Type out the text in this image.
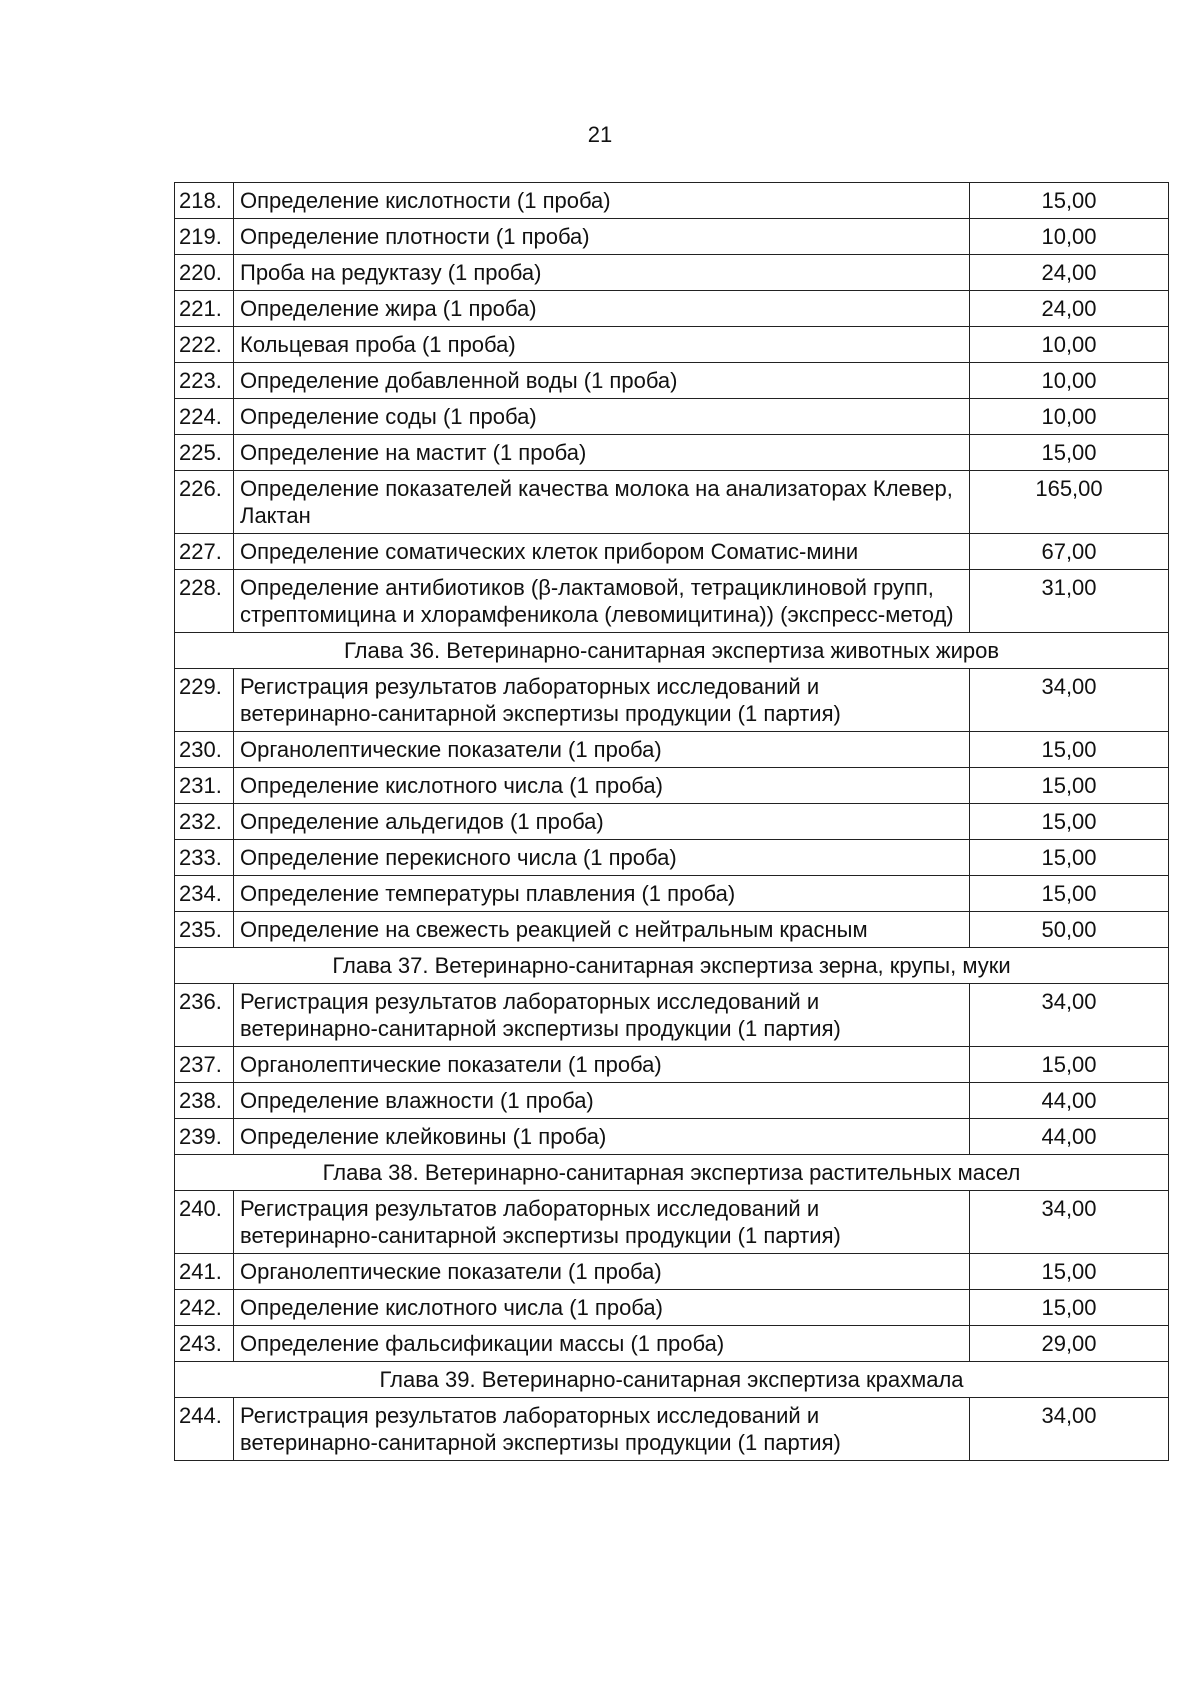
21
218.	Определение кислотности (1 проба)	15,00
219.	Определение плотности (1 проба)	10,00
220.	Проба на редуктазу (1 проба)	24,00
221.	Определение жира (1 проба)	24,00
222.	Кольцевая проба (1 проба)	10,00
223.	Определение добавленной воды (1 проба)	10,00
224.	Определение соды (1 проба)	10,00
225.	Определение на мастит (1 проба)	15,00
226.	Определение показателей качества молока на анализаторах Клевер, Лактан	165,00
227.	Определение соматических клеток прибором Соматис-мини	67,00
228.	Определение антибиотиков (β-лактамовой, тетрациклиновой групп, стрептомицина и хлорамфеникола (левомицитина)) (экспресс-метод)	31,00
Глава 36. Ветеринарно-санитарная экспертиза животных жиров		
229.	Регистрация результатов лабораторных исследований и ветеринарно-санитарной экспертизы продукции (1 партия)	34,00
230.	Органолептические показатели (1 проба)	15,00
231.	Определение кислотного числа (1 проба)	15,00
232.	Определение альдегидов (1 проба)	15,00
233.	Определение перекисного числа (1 проба)	15,00
234.	Определение температуры плавления (1 проба)	15,00
235.	Определение на свежесть реакцией с нейтральным красным	50,00
Глава 37. Ветеринарно-санитарная экспертиза зерна, крупы, муки		
236.	Регистрация результатов лабораторных исследований и ветеринарно-санитарной экспертизы продукции (1 партия)	34,00
237.	Органолептические показатели (1 проба)	15,00
238.	Определение влажности (1 проба)	44,00
239.	Определение клейковины (1 проба)	44,00
Глава 38. Ветеринарно-санитарная экспертиза растительных масел		
240.	Регистрация результатов лабораторных исследований и ветеринарно-санитарной экспертизы продукции (1 партия)	34,00
241.	Органолептические показатели (1 проба)	15,00
242.	Определение кислотного числа (1 проба)	15,00
243.	Определение фальсификации массы (1 проба)	29,00
Глава 39. Ветеринарно-санитарная экспертиза крахмала		
244.	Регистрация результатов лабораторных исследований и ветеринарно-санитарной экспертизы продукции (1 партия)	34,00
